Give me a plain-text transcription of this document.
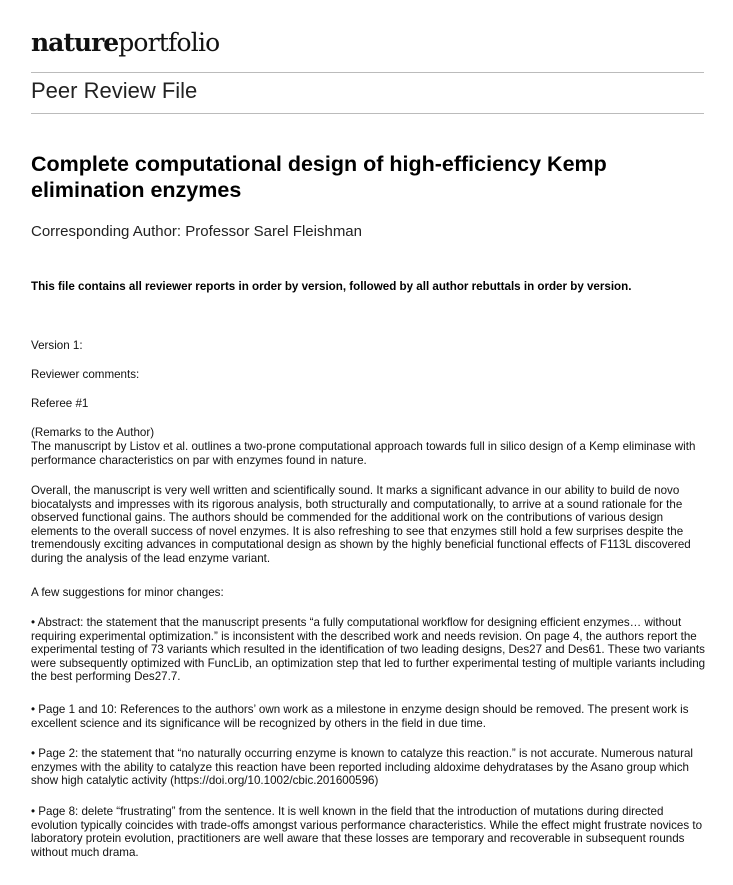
natureportfolio
Peer Review File
Complete computational design of high-efficiency Kemp elimination enzymes
Corresponding Author: Professor Sarel Fleishman
This file contains all reviewer reports in order by version, followed by all author rebuttals in order by version.

Version 1:

Reviewer comments:

Referee #1

(Remarks to the Author)

The manuscript by Listov et al. outlines a two-prone computational approach towards full in silico design of a Kemp eliminase with performance characteristics on par with enzymes found in nature.

Overall, the manuscript is very well written and scientifically sound. It marks a significant advance in our ability to build de novo biocatalysts and impresses with its rigorous analysis, both structurally and computationally, to arrive at a sound rationale for the observed functional gains. The authors should be commended for the additional work on the contributions of various design elements to the overall success of novel enzymes. It is also refreshing to see that enzymes still hold a few surprises despite the tremendously exciting advances in computational design as shown by the highly beneficial functional effects of F113L discovered during the analysis of the lead enzyme variant.

A few suggestions for minor changes:

• Abstract: the statement that the manuscript presents “a fully computational workflow for designing efficient enzymes… without requiring experimental optimization.” is inconsistent with the described work and needs revision. On page 4, the authors report the experimental testing of 73 variants which resulted in the identification of two leading designs, Des27 and Des61. These two variants were subsequently optimized with FuncLib, an optimization step that led to further experimental testing of multiple variants including the best performing Des27.7.

• Page 1 and 10: References to the authors’ own work as a milestone in enzyme design should be removed. The present work is excellent science and its significance will be recognized by others in the field in due time.

• Page 2: the statement that “no naturally occurring enzyme is known to catalyze this reaction.” is not accurate. Numerous natural enzymes with the ability to catalyze this reaction have been reported including aldoxime dehydratases by the Asano group which show high catalytic activity (https://doi.org/10.1002/cbic.201600596)

• Page 8: delete “frustrating” from the sentence. It is well known in the field that the introduction of mutations during directed evolution typically coincides with trade-offs amongst various performance characteristics. While the effect might frustrate novices to laboratory protein evolution, practitioners are well aware that these losses are temporary and recoverable in subsequent rounds without much drama.
